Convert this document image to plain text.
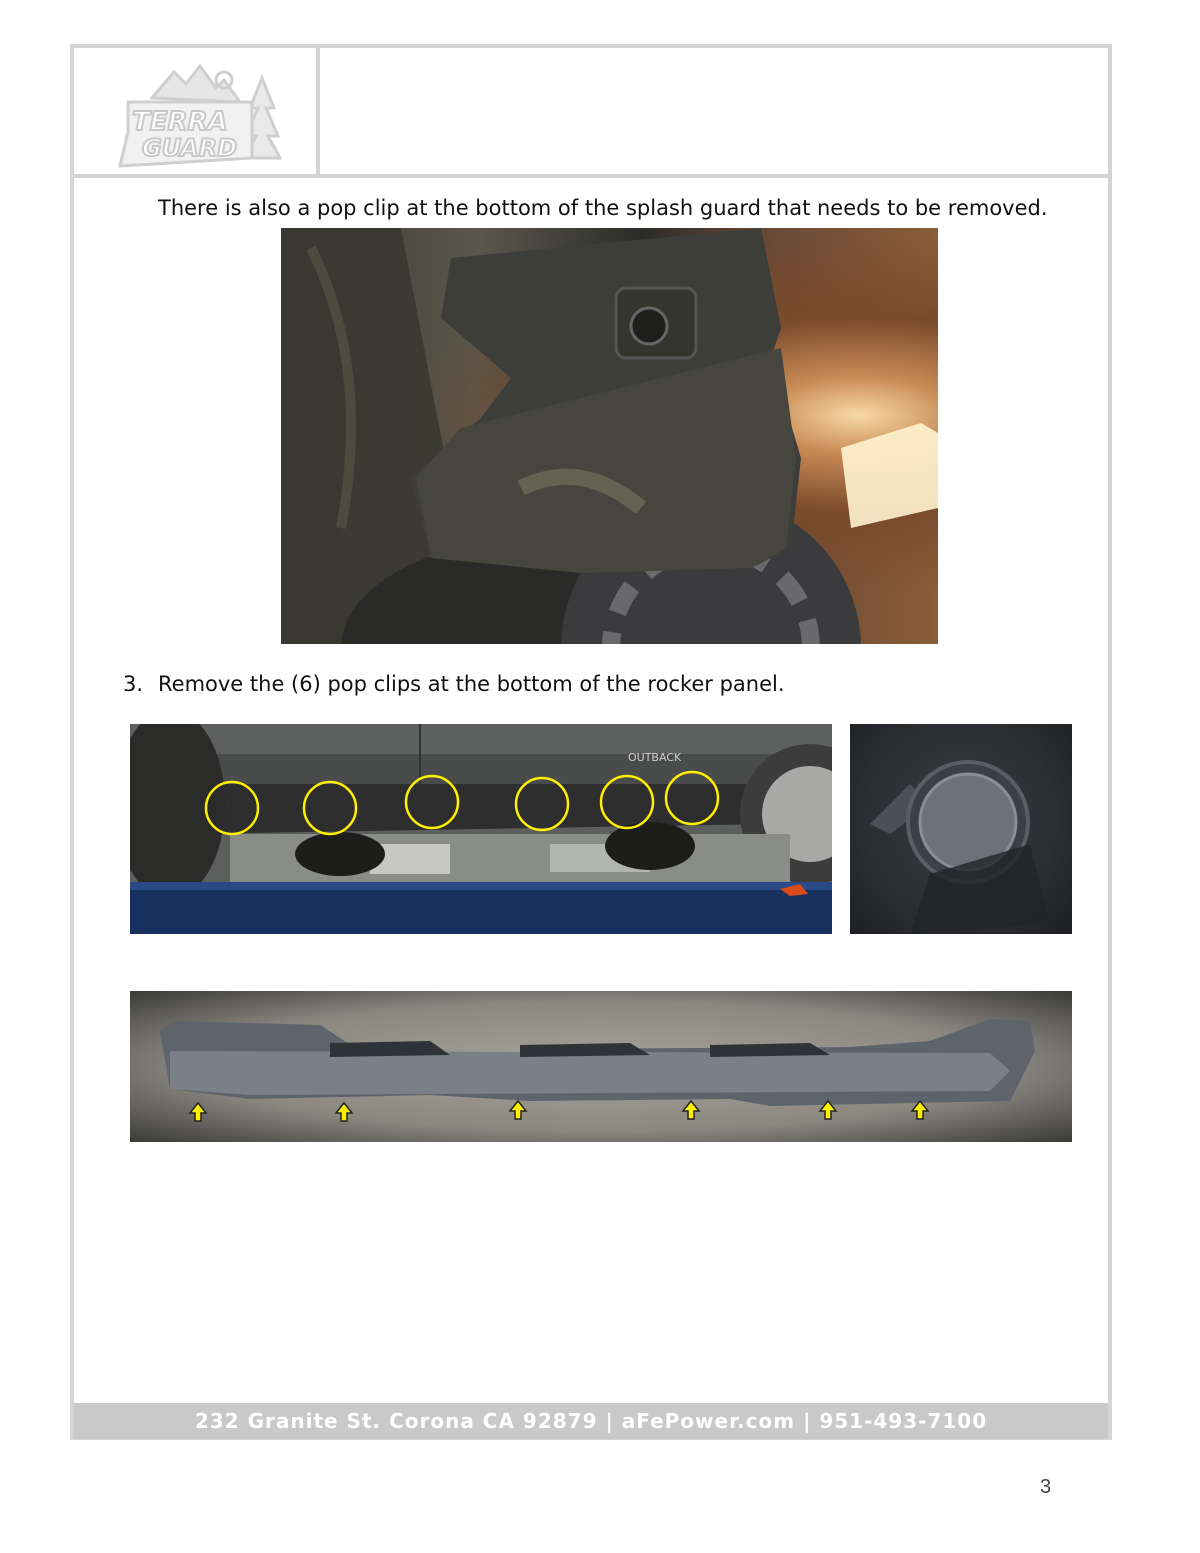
TERRA
GUARD
232 Granite St. Corona CA 92879 | aFePower.com | 951-493-7100
There is also a pop clip at the bottom of the splash guard that needs to be removed.
3. Remove the (6) pop clips at the bottom of the rocker panel.
OUTBACK
3
